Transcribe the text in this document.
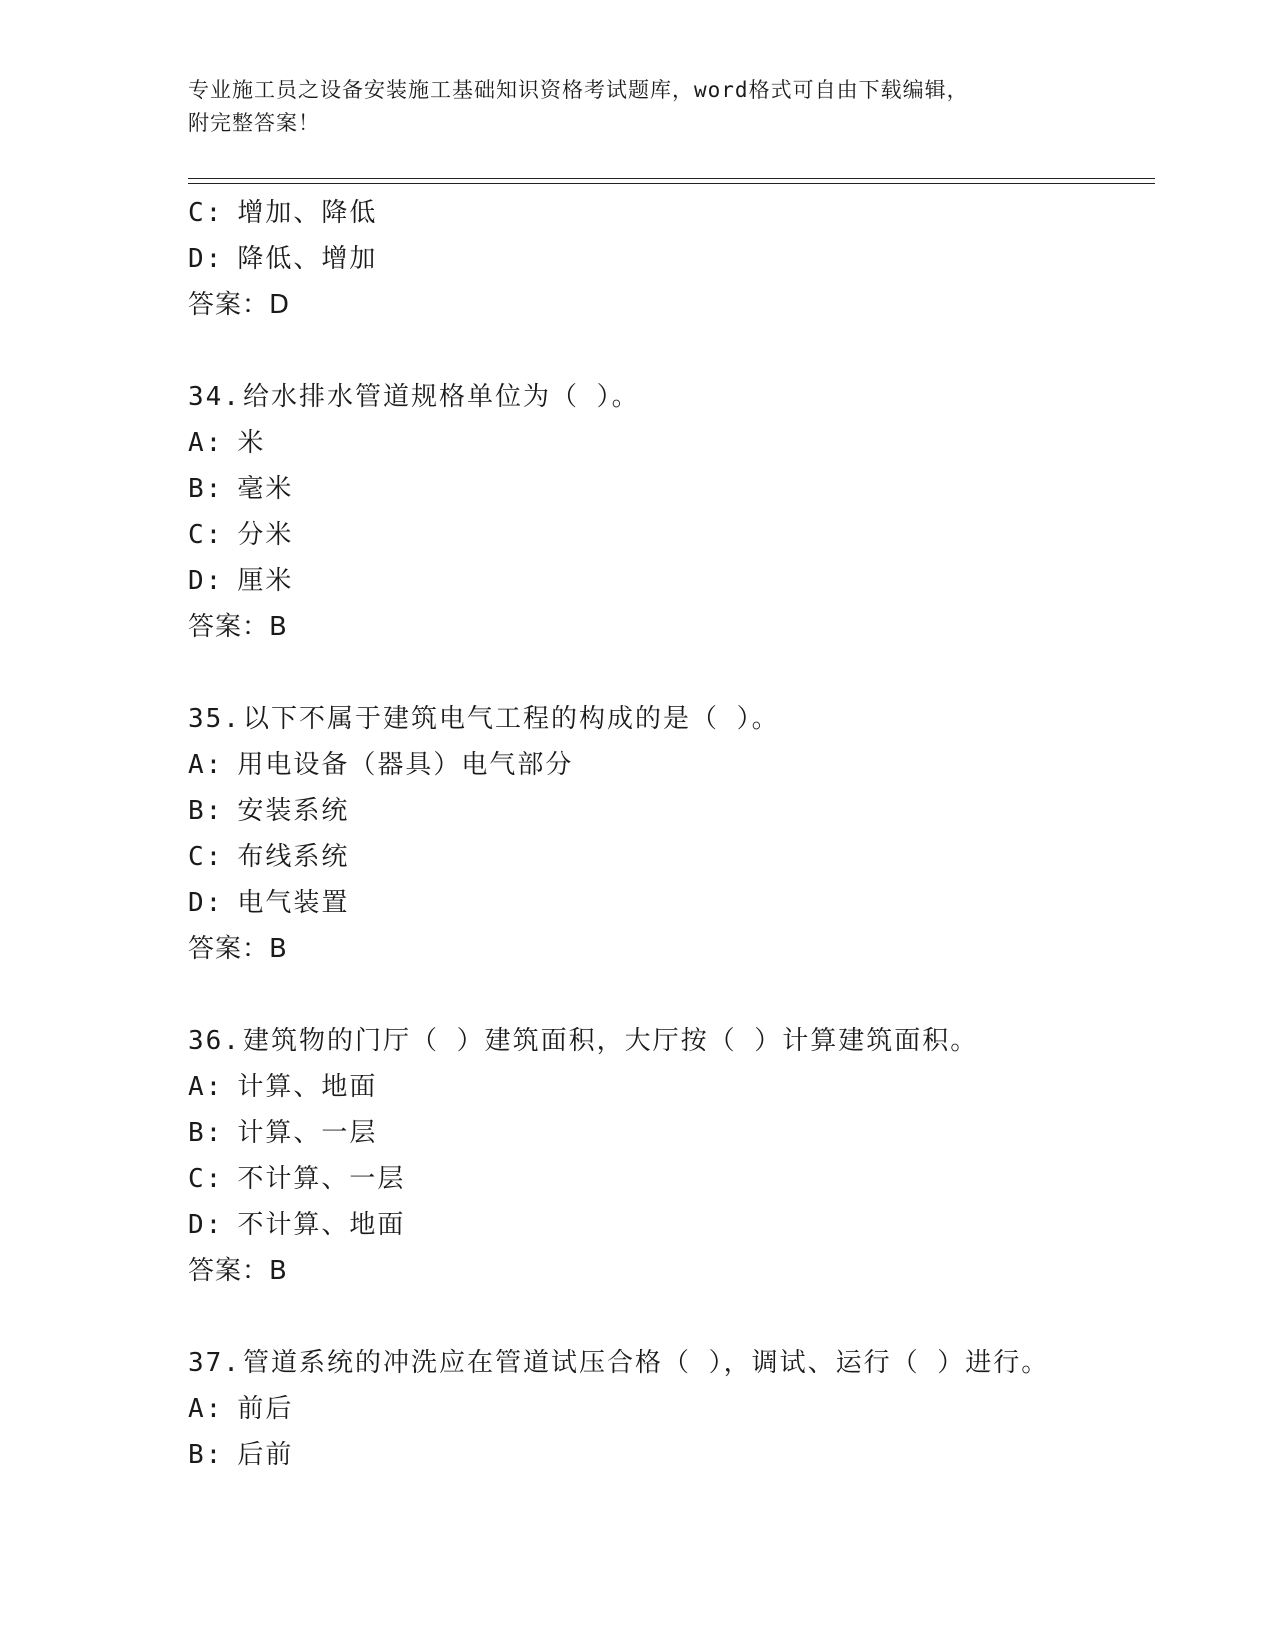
专业施工员之设备安装施工基础知识资格考试题库，word格式可自由下载编辑，
附完整答案！
C: 增加、降低
D: 降低、增加
答案：D
34.给水排水管道规格单位为（ ）。
A: 米
B: 毫米
C: 分米
D: 厘米
答案：B
35.以下不属于建筑电气工程的构成的是（ ）。
A: 用电设备（器具）电气部分
B: 安装系统
C: 布线系统
D: 电气装置
答案：B
36.建筑物的门厅（ ）建筑面积，大厅按（ ）计算建筑面积。
A: 计算、地面
B: 计算、一层
C: 不计算、一层
D: 不计算、地面
答案：B
37.管道系统的冲洗应在管道试压合格（ ），调试、运行（ ）进行。
A: 前后
B: 后前
